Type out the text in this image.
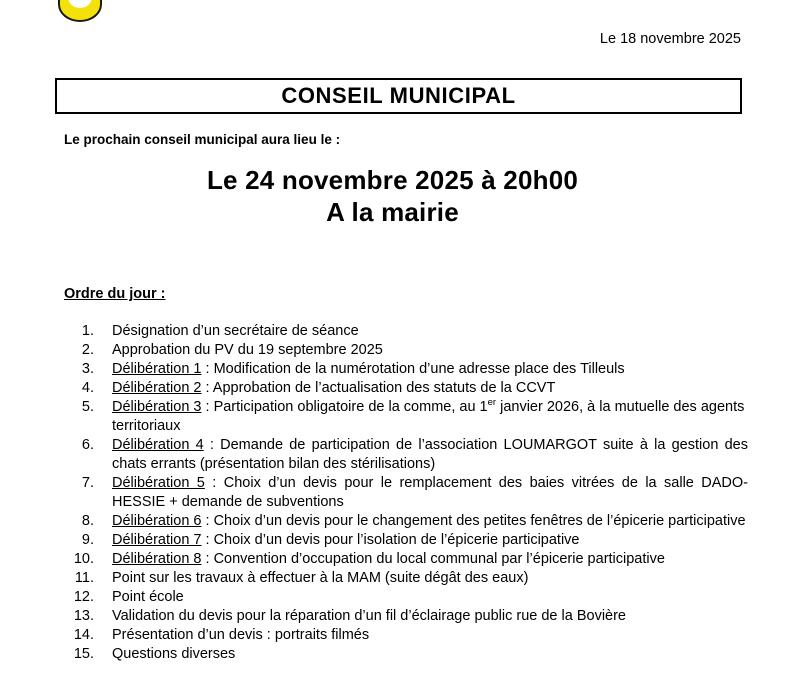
Le 18 novembre 2025
CONSEIL MUNICIPAL
Le prochain conseil municipal aura lieu le :
Le 24 novembre 2025 à 20h00
A la mairie
Ordre du jour :
1. Désignation d’un secrétaire de séance
2. Approbation du PV du 19 septembre 2025
3. Délibération 1 : Modification de la numérotation d’une adresse place des Tilleuls
4. Délibération 2 : Approbation de l’actualisation des statuts de la CCVT
5. Délibération 3 : Participation obligatoire de la comme, au 1er janvier 2026, à la mutuelle des agents territoriaux
6. Délibération 4 : Demande de participation de l’association LOUMARGOT suite à la gestion des chats errants (présentation bilan des stérilisations)
7. Délibération 5 : Choix d’un devis pour le remplacement des baies vitrées de la salle DADO-HESSIE + demande de subventions
8. Délibération 6 : Choix d’un devis pour le changement des petites fenêtres de l’épicerie participative
9. Délibération 7 : Choix d’un devis pour l’isolation de l’épicerie participative
10. Délibération 8 : Convention d’occupation du local communal par l’épicerie participative
11. Point sur les travaux à effectuer à la MAM (suite dégât des eaux)
12. Point école
13. Validation du devis pour la réparation d’un fil d’éclairage public rue de la Bovière
14. Présentation d’un devis : portraits filmés
15. Questions diverses
